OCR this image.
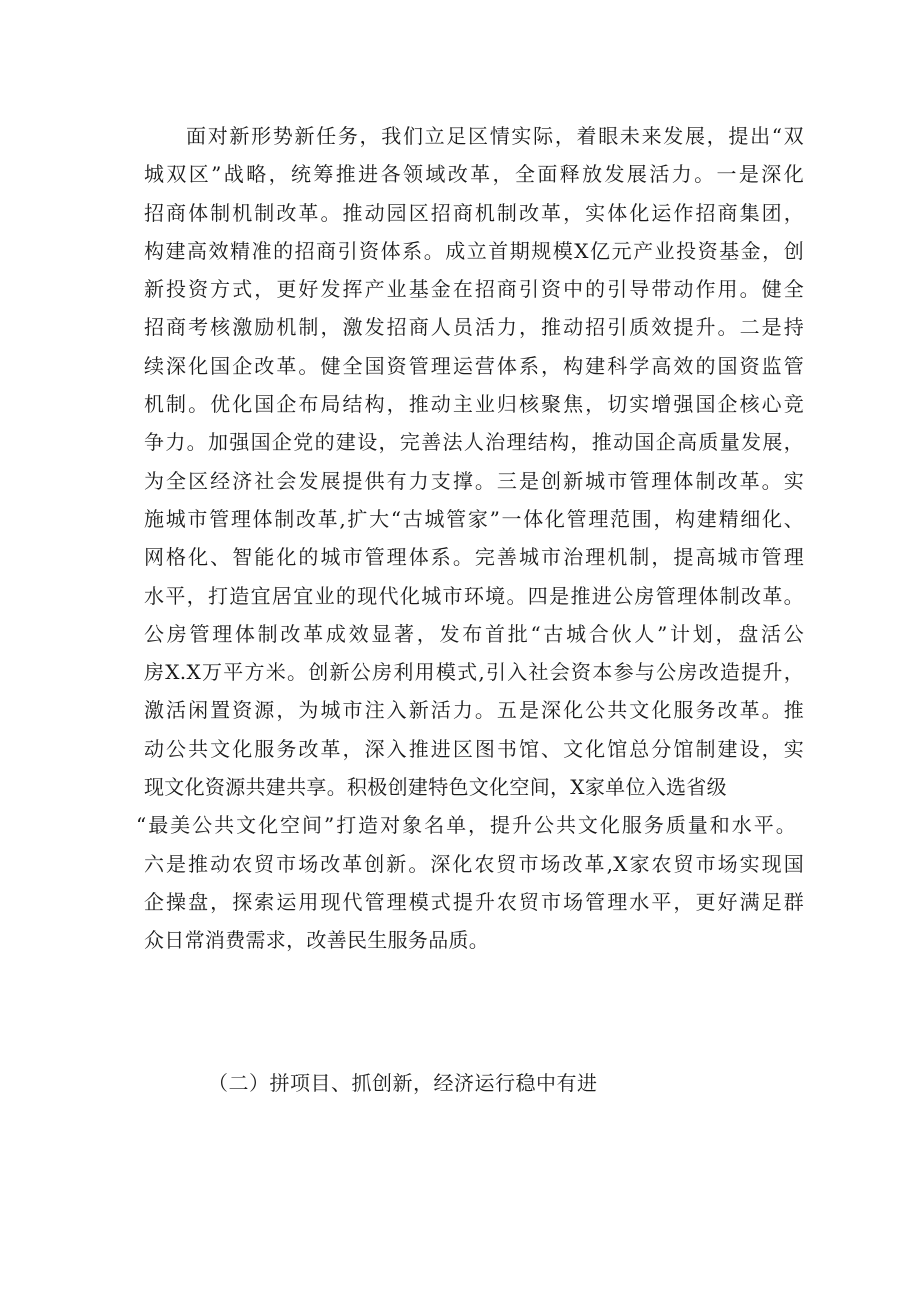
面对新形势新任务，我们立足区情实际，着眼未来发展，提出“双
城双区”战略，统筹推进各领域改革，全面释放发展活力。一是深化
招商体制机制改革。推动园区招商机制改革，实体化运作招商集团，
构建高效精准的招商引资体系。成立首期规模X亿元产业投资基金，创
新投资方式，更好发挥产业基金在招商引资中的引导带动作用。健全
招商考核激励机制，激发招商人员活力，推动招引质效提升。二是持
续深化国企改革。健全国资管理运营体系，构建科学高效的国资监管
机制。优化国企布局结构，推动主业归核聚焦，切实增强国企核心竞
争力。加强国企党的建设，完善法人治理结构，推动国企高质量发展，
为全区经济社会发展提供有力支撑。三是创新城市管理体制改革。实
施城市管理体制改革,扩大“古城管家”一体化管理范围，构建精细化、
网格化、智能化的城市管理体系。完善城市治理机制，提高城市管理
水平，打造宜居宜业的现代化城市环境。四是推进公房管理体制改革。
公房管理体制改革成效显著，发布首批“古城合伙人”计划，盘活公
房X.X万平方米。创新公房利用模式,引入社会资本参与公房改造提升，
激活闲置资源，为城市注入新活力。五是深化公共文化服务改革。推
动公共文化服务改革，深入推进区图书馆、文化馆总分馆制建设，实
现文化资源共建共享。积极创建特色文化空间，X家单位入选省级
“最美公共文化空间”打造对象名单，提升公共文化服务质量和水平。
六是推动农贸市场改革创新。深化农贸市场改革,X家农贸市场实现国
企操盘，探索运用现代管理模式提升农贸市场管理水平，更好满足群
众日常消费需求，改善民生服务品质。
（二）拼项目、抓创新，经济运行稳中有进
